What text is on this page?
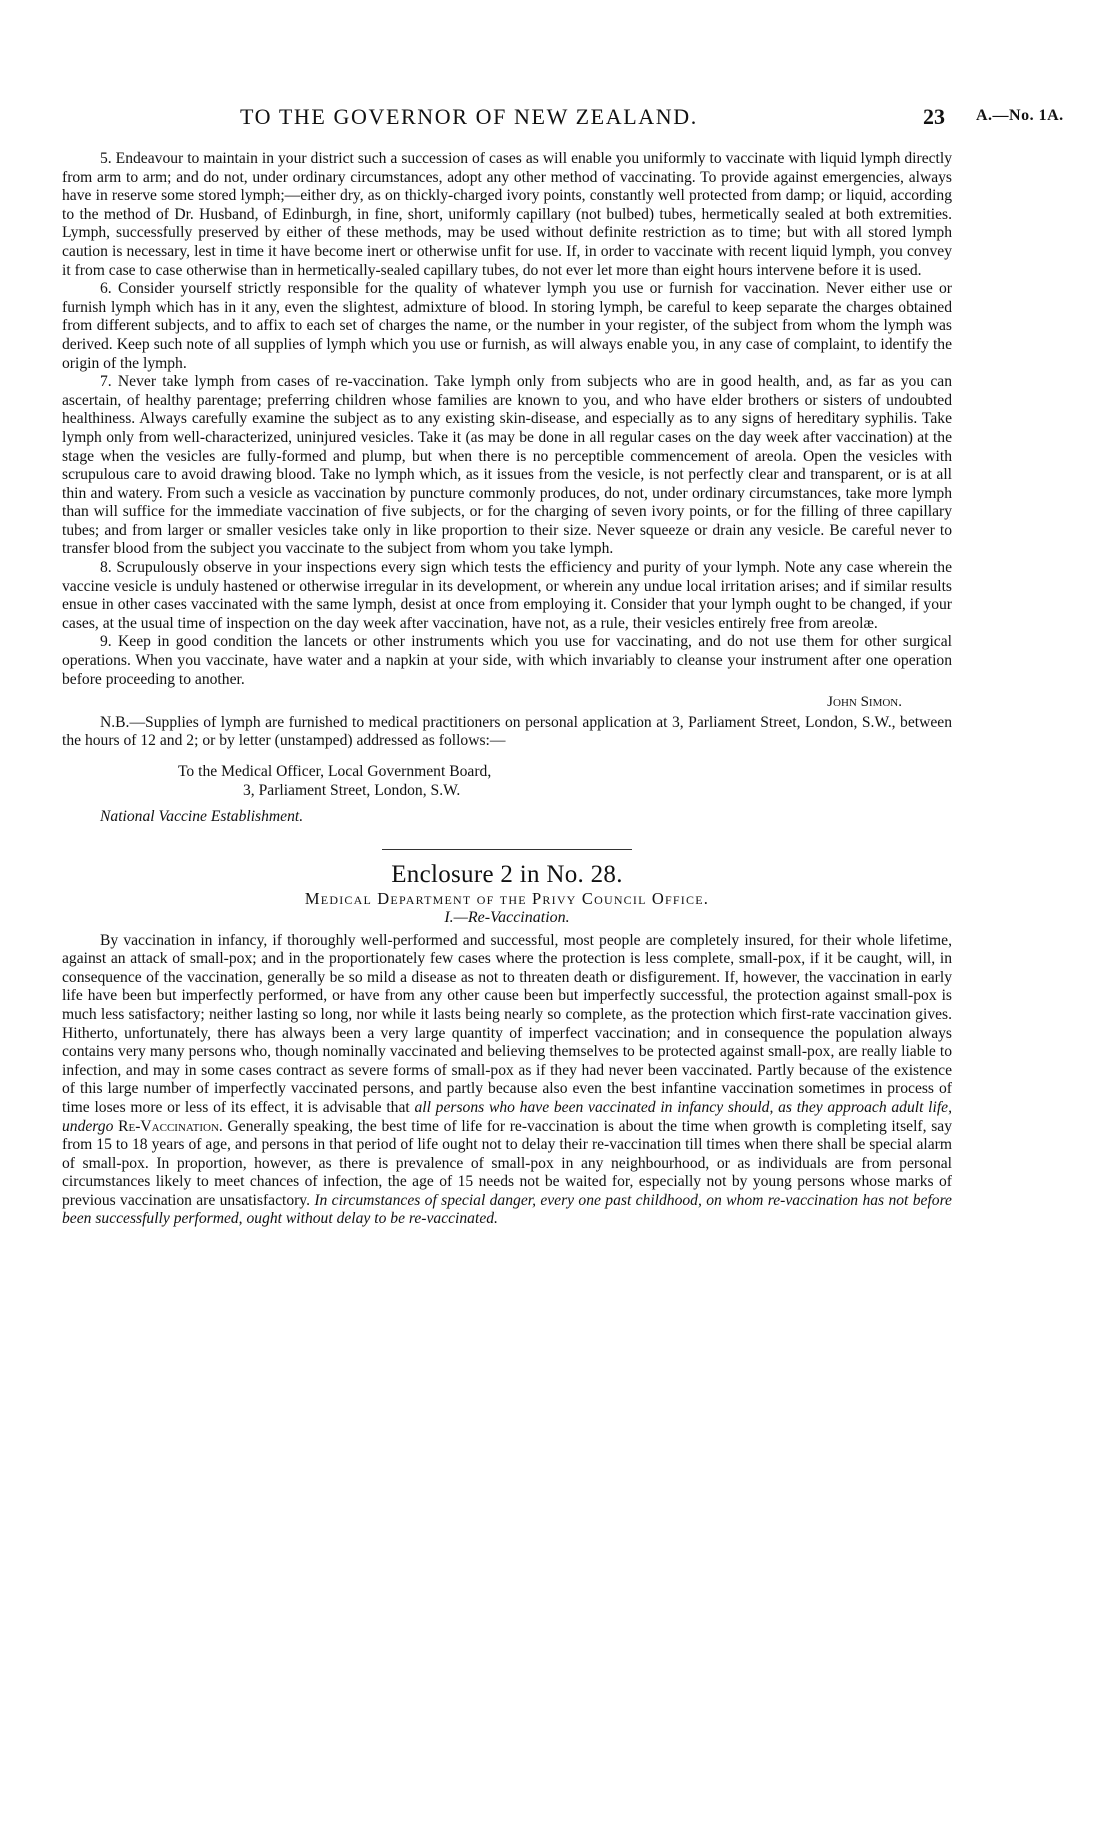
TO THE GOVERNOR OF NEW ZEALAND.	23 A.—No. 1A.

5. Endeavour to maintain in your district such a succession of cases as will enable you uniformly to vaccinate with liquid lymph directly from arm to arm; and do not, under ordinary circumstances, adopt any other method of vaccinating. To provide against emergencies, always have in reserve some stored lymph;—either dry, as on thickly-charged ivory points, constantly well protected from damp; or liquid, according to the method of Dr. Husband, of Edinburgh, in fine, short, uniformly capillary (not bulbed) tubes, hermetically sealed at both extremities. Lymph, successfully preserved by either of these methods, may be used without definite restriction as to time; but with all stored lymph caution is necessary, lest in time it have become inert or otherwise unfit for use. If, in order to vaccinate with recent liquid lymph, you convey it from case to case otherwise than in hermetically-sealed capillary tubes, do not ever let more than eight hours intervene before it is used.

6. Consider yourself strictly responsible for the quality of whatever lymph you use or furnish for vaccination. Never either use or furnish lymph which has in it any, even the slightest, admixture of blood. In storing lymph, be careful to keep separate the charges obtained from different subjects, and to affix to each set of charges the name, or the number in your register, of the subject from whom the lymph was derived. Keep such note of all supplies of lymph which you use or furnish, as will always enable you, in any case of complaint, to identify the origin of the lymph.

7. Never take lymph from cases of re-vaccination. Take lymph only from subjects who are in good health, and, as far as you can ascertain, of healthy parentage; preferring children whose families are known to you, and who have elder brothers or sisters of undoubted healthiness. Always carefully examine the subject as to any existing skin-disease, and especially as to any signs of hereditary syphilis. Take lymph only from well-characterized, uninjured vesicles. Take it (as may be done in all regular cases on the day week after vaccination) at the stage when the vesicles are fully-formed and plump, but when there is no perceptible commencement of areola. Open the vesicles with scrupulous care to avoid drawing blood. Take no lymph which, as it issues from the vesicle, is not perfectly clear and transparent, or is at all thin and watery. From such a vesicle as vaccination by puncture commonly produces, do not, under ordinary circumstances, take more lymph than will suffice for the immediate vaccination of five subjects, or for the charging of seven ivory points, or for the filling of three capillary tubes; and from larger or smaller vesicles take only in like proportion to their size. Never squeeze or drain any vesicle. Be careful never to transfer blood from the subject you vaccinate to the subject from whom you take lymph.

8. Scrupulously observe in your inspections every sign which tests the efficiency and purity of your lymph. Note any case wherein the vaccine vesicle is unduly hastened or otherwise irregular in its development, or wherein any undue local irritation arises; and if similar results ensue in other cases vaccinated with the same lymph, desist at once from employing it. Consider that your lymph ought to be changed, if your cases, at the usual time of inspection on the day week after vaccination, have not, as a rule, their vesicles entirely free from areolæ.

9. Keep in good condition the lancets or other instruments which you use for vaccinating, and do not use them for other surgical operations. When you vaccinate, have water and a napkin at your side, with which invariably to cleanse your instrument after one operation before proceeding to another.

John Simon.

N.B.—Supplies of lymph are furnished to medical practitioners on personal application at 3, Parliament Street, London, S.W., between the hours of 12 and 2; or by letter (unstamped) addressed as follows:—

To the Medical Officer, Local Government Board,
3, Parliament Street, London, S.W.
National Vaccine Establishment.
Enclosure 2 in No. 28.
Medical Department of the Privy Council Office.
I.—Re-Vaccination.

By vaccination in infancy, if thoroughly well-performed and successful, most people are completely insured, for their whole lifetime, against an attack of small-pox; and in the proportionately few cases where the protection is less complete, small-pox, if it be caught, will, in consequence of the vaccination, generally be so mild a disease as not to threaten death or disfigurement. If, however, the vaccination in early life have been but imperfectly performed, or have from any other cause been but imperfectly successful, the protection against small-pox is much less satisfactory; neither lasting so long, nor while it lasts being nearly so complete, as the protection which first-rate vaccination gives. Hitherto, unfortunately, there has always been a very large quantity of imperfect vaccination; and in consequence the population always contains very many persons who, though nominally vaccinated and believing themselves to be protected against small-pox, are really liable to infection, and may in some cases contract as severe forms of small-pox as if they had never been vaccinated. Partly because of the existence of this large number of imperfectly vaccinated persons, and partly because also even the best infantine vaccination sometimes in process of time loses more or less of its effect, it is advisable that all persons who have been vaccinated in infancy should, as they approach adult life, undergo Re-Vaccination. Generally speaking, the best time of life for re-vaccination is about the time when growth is completing itself, say from 15 to 18 years of age, and persons in that period of life ought not to delay their re-vaccination till times when there shall be special alarm of small-pox. In proportion, however, as there is prevalence of small-pox in any neighbourhood, or as individuals are from personal circumstances likely to meet chances of infection, the age of 15 needs not be waited for, especially not by young persons whose marks of previous vaccination are unsatisfactory. In circumstances of special danger, every one past childhood, on whom re-vaccination has not before been successfully performed, ought without delay to be re-vaccinated.
